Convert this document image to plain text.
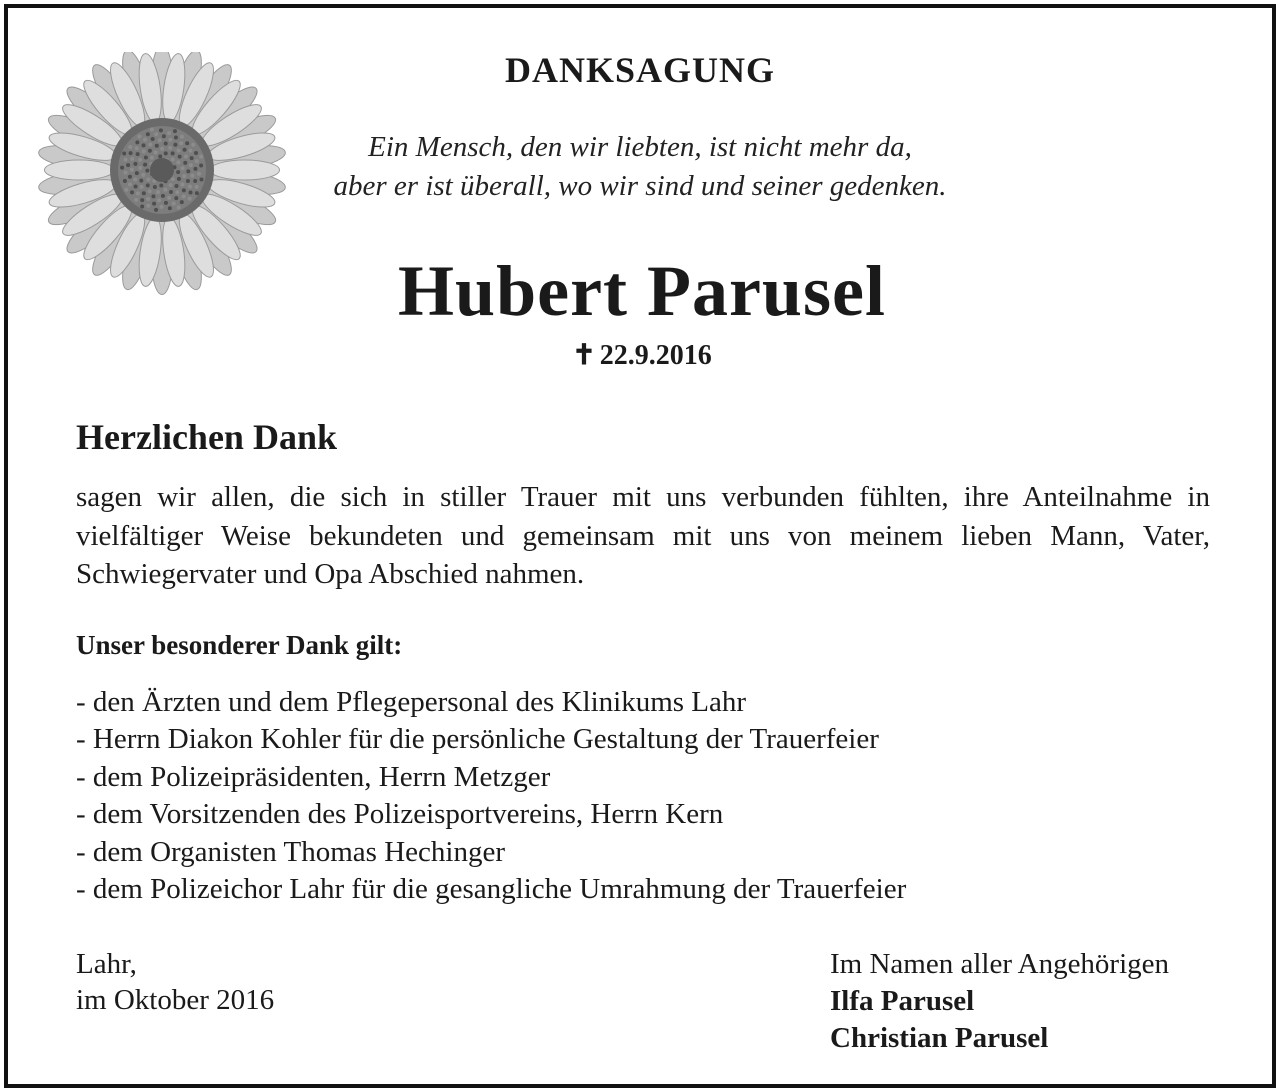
DANKSAGUNG
Ein Mensch, den wir liebten, ist nicht mehr da,
aber er ist überall, wo wir sind und seiner gedenken.
Hubert Parusel
✝ 22.9.2016
Herzlichen Dank
sagen wir allen, die sich in stiller Trauer mit uns verbunden fühlten, ihre Anteilnahme in vielfältiger Weise bekundeten und gemeinsam mit uns von meinem lieben Mann, Vater, Schwiegervater und Opa Abschied nahmen.
Unser besonderer Dank gilt:
- den Ärzten und dem Pflegepersonal des Klinikums Lahr
- Herrn Diakon Kohler für die persönliche Gestaltung der Trauerfeier
- dem Polizeipräsidenten, Herrn Metzger
- dem Vorsitzenden des Polizeisportvereins, Herrn Kern
- dem Organisten Thomas Hechinger
- dem Polizeichor Lahr für die gesangliche Umrahmung der Trauerfeier
Lahr,
im Oktober 2016
Im Namen aller Angehörigen
Ilfa Parusel
Christian Parusel
